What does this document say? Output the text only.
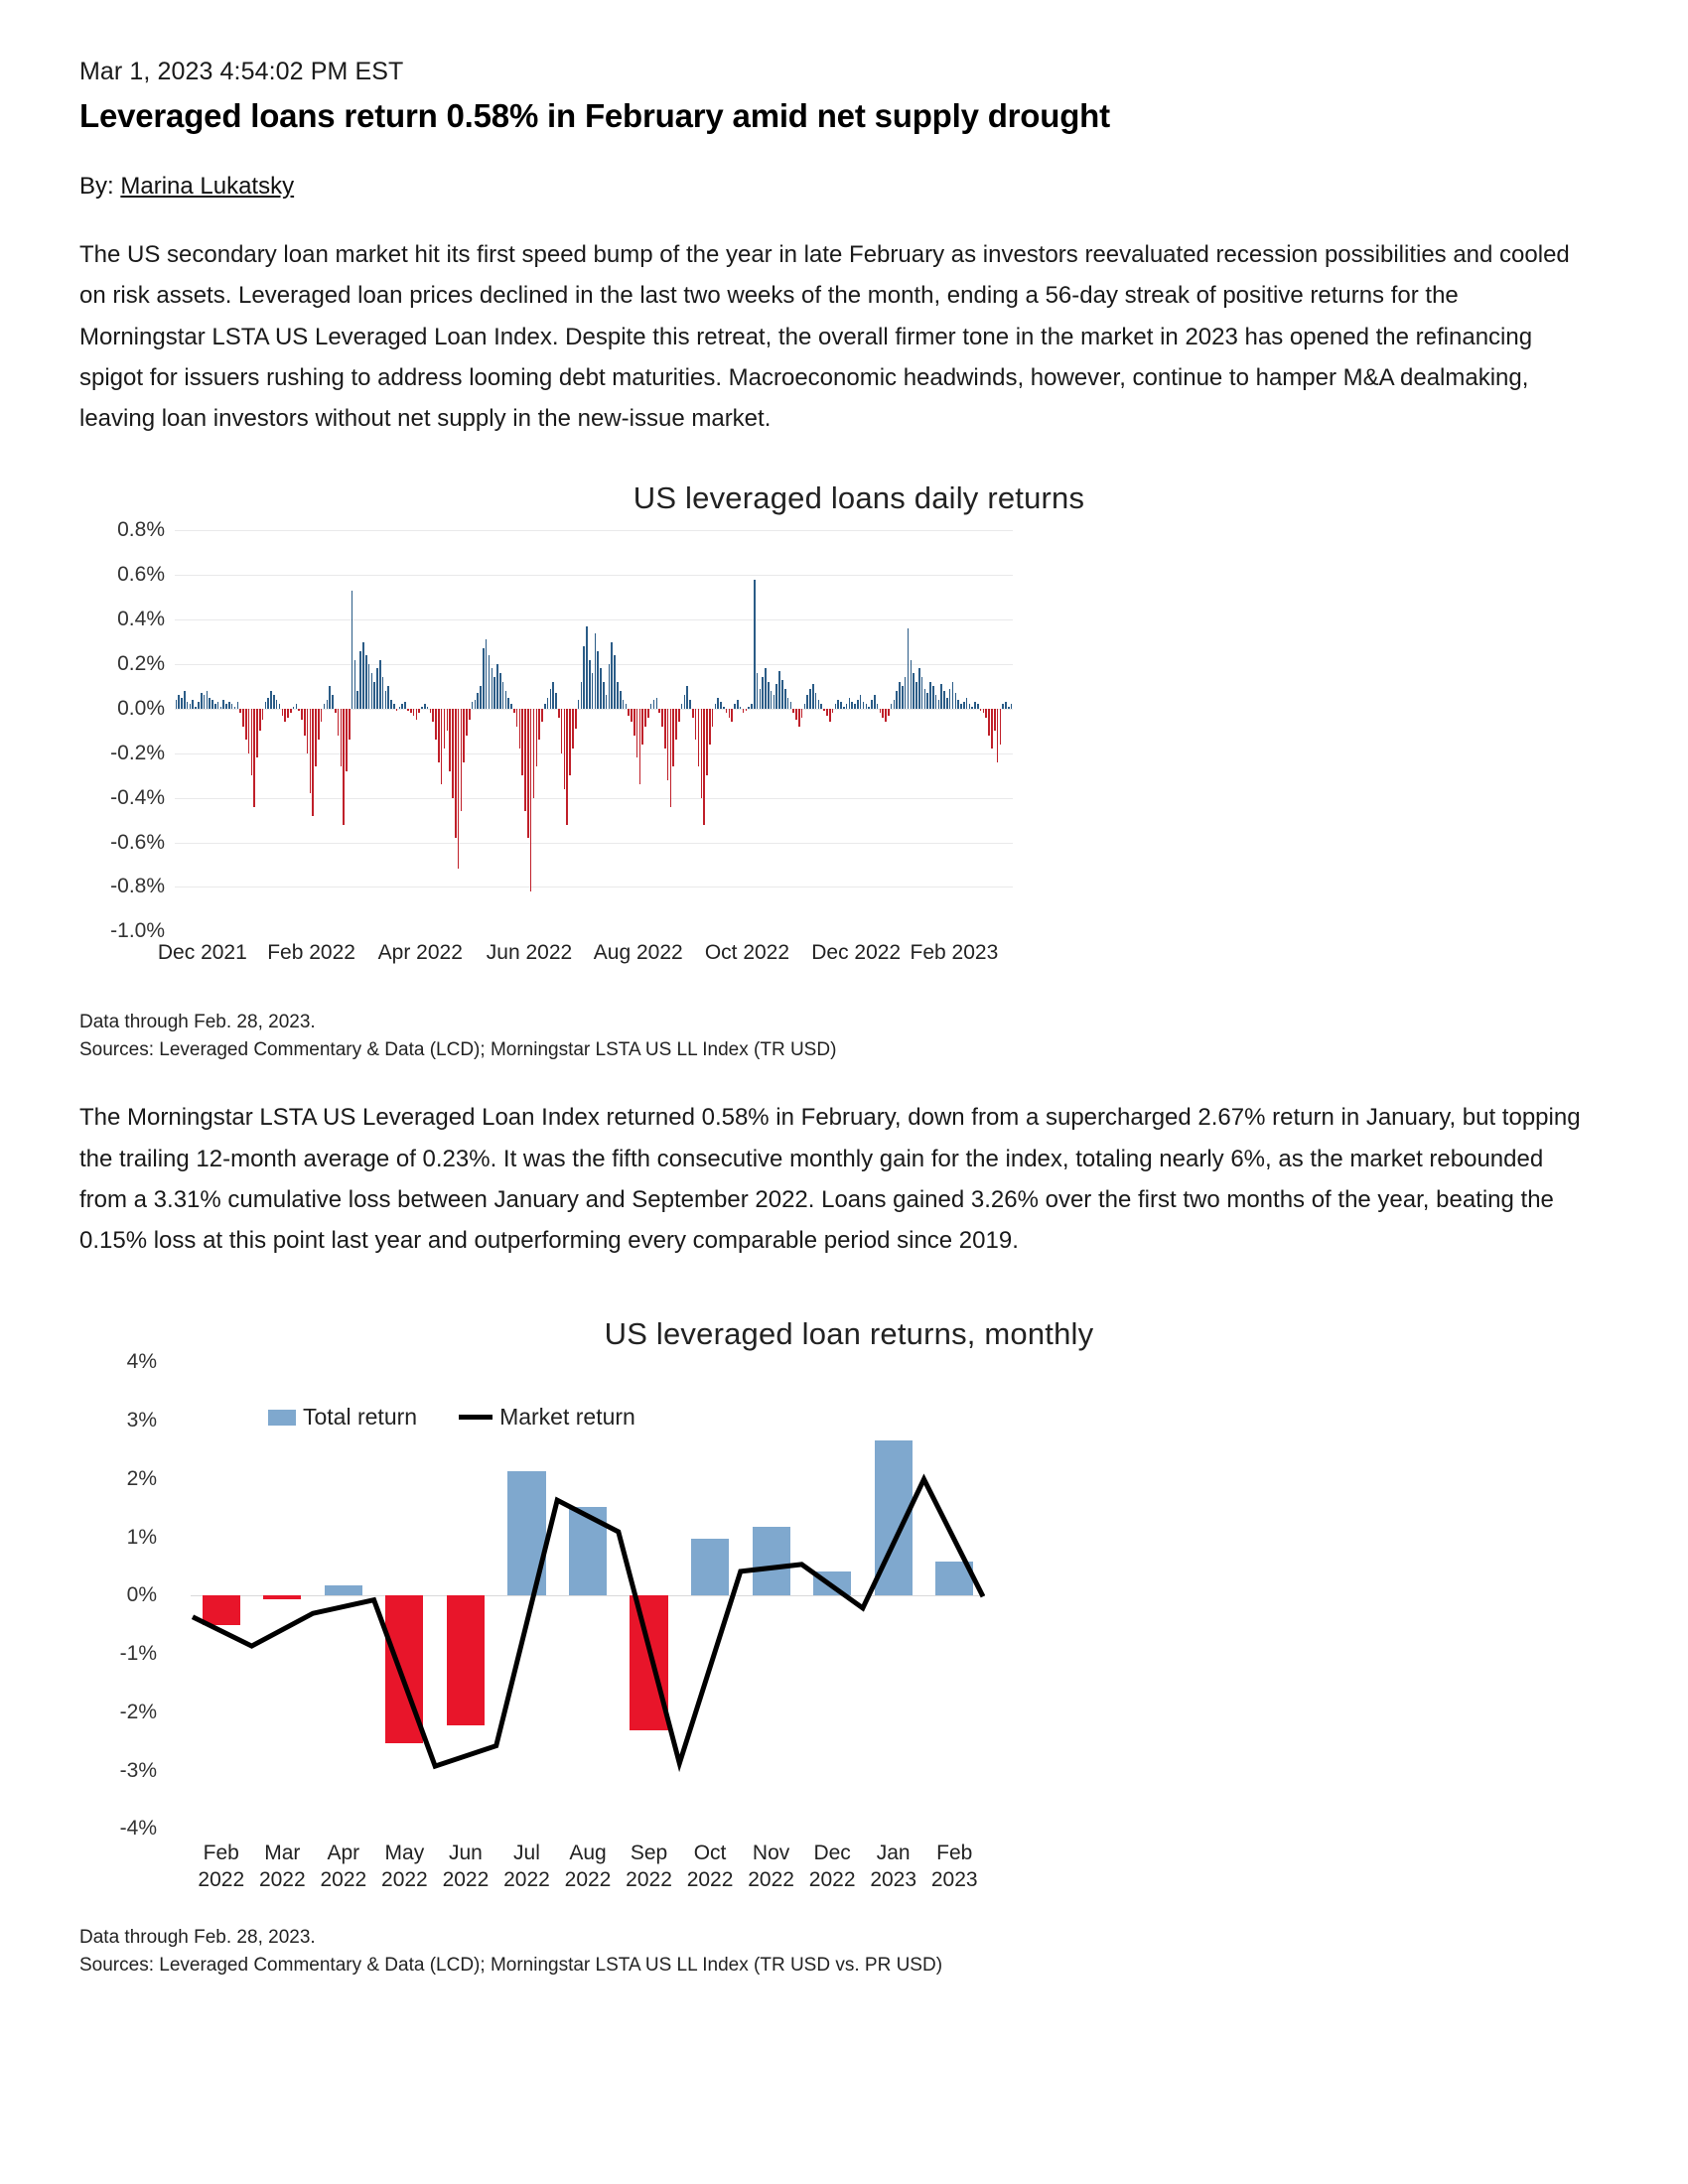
Mar 1, 2023 4:54:02 PM EST
Leveraged loans return 0.58% in February amid net supply drought
By: Marina Lukatsky

The US secondary loan market hit its first speed bump of the year in late February as investors reevaluated recession possibilities and cooled on risk assets. Leveraged loan prices declined in the last two weeks of the month, ending a 56-day streak of positive returns for the Morningstar LSTA US Leveraged Loan Index. Despite this retreat, the overall firmer tone in the market in 2023 has opened the refinancing spigot for issuers rushing to address looming debt maturities. Macroeconomic headwinds, however, continue to hamper M&A dealmaking, leaving loan investors without net supply in the new-issue market.

US leveraged loans daily returns
0.8%
0.6%
0.4%
0.2%
0.0%
-0.2%
-0.4%
-0.6%
-0.8%
-1.0%
Dec 2021 Feb 2022 Apr 2022 Jun 2022 Aug 2022 Oct 2022 Dec 2022 Feb 2023
Data through Feb. 28, 2023.
Sources: Leveraged Commentary & Data (LCD); Morningstar LSTA US LL Index (TR USD)

The Morningstar LSTA US Leveraged Loan Index returned 0.58% in February, down from a supercharged 2.67% return in January, but topping the trailing 12-month average of 0.23%. It was the fifth consecutive monthly gain for the index, totaling nearly 6%, as the market rebounded from a 3.31% cumulative loss between January and September 2022. Loans gained 3.26% over the first two months of the year, beating the 0.15% loss at this point last year and outperforming every comparable period since 2019.

US leveraged loan returns, monthly
4%
3%
2%
1%
0%
-1%
-2%
-3%
-4%
Total return	Market return
Feb
2022
Mar
2022
Apr
2022
May
2022
Jun
2022
Jul
2022
Aug
2022
Sep
2022
Oct
2022
Nov
2022
Dec
2022
Jan
2023
Feb
2023
Data through Feb. 28, 2023.
Sources: Leveraged Commentary & Data (LCD); Morningstar LSTA US LL Index (TR USD vs. PR USD)
